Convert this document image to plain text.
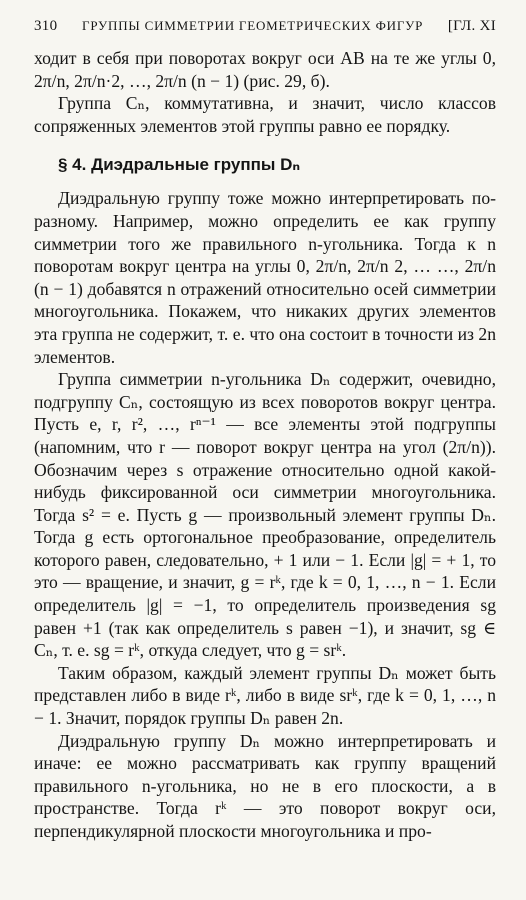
310	ГРУППЫ СИММЕТРИИ ГЕОМЕТРИЧЕСКИХ ФИГУР	[ГЛ. XI

ходит в себя при поворотах вокруг оси AB на те же углы 0, 2π/n, 2π/n·2, …, 2π/n (n − 1) (рис. 29, б).

Группа Cₙ, коммутативна, и значит, число классов сопряженных элементов этой группы равно ее порядку.

§ 4. Диэдральные группы Dₙ

Диэдральную группу тоже можно интерпретировать по-разному. Например, можно определить ее как группу симметрии того же правильного n-угольника. Тогда к n поворотам вокруг центра на углы 0, 2π/n, 2π/n 2, … …, 2π/n (n − 1) добавятся n отражений относительно осей симметрии многоугольника. Покажем, что никаких других элементов эта группа не содержит, т. е. что она состоит в точности из 2n элементов.

Группа симметрии n-угольника Dₙ содержит, очевидно, подгруппу Cₙ, состоящую из всех поворотов вокруг центра. Пусть e, r, r², …, rⁿ⁻¹ — все элементы этой подгруппы (напомним, что r — поворот вокруг центра на угол (2π/n)). Обозначим через s отражение относительно одной какой-нибудь фиксированной оси симметрии многоугольника. Тогда s² = e. Пусть g — произвольный элемент группы Dₙ. Тогда g есть ортогональное преобразование, определитель которого равен, следовательно, + 1 или − 1. Если |g| = + 1, то это — вращение, и значит, g = rᵏ, где k = 0, 1, …, n − 1. Если определитель |g| = −1, то определитель произведения sg равен +1 (так как определитель s равен −1), и значит, sg ∈ Cₙ, т. е. sg = rᵏ, откуда следует, что g = srᵏ.

Таким образом, каждый элемент группы Dₙ может быть представлен либо в виде rᵏ, либо в виде srᵏ, где k = 0, 1, …, n − 1. Значит, порядок группы Dₙ равен 2n.

Диэдральную группу Dₙ можно интерпретировать и иначе: ее можно рассматривать как группу вращений правильного n-угольника, но не в его плоскости, а в пространстве. Тогда rᵏ — это поворот вокруг оси, перпендикулярной плоскости многоугольника и про-
